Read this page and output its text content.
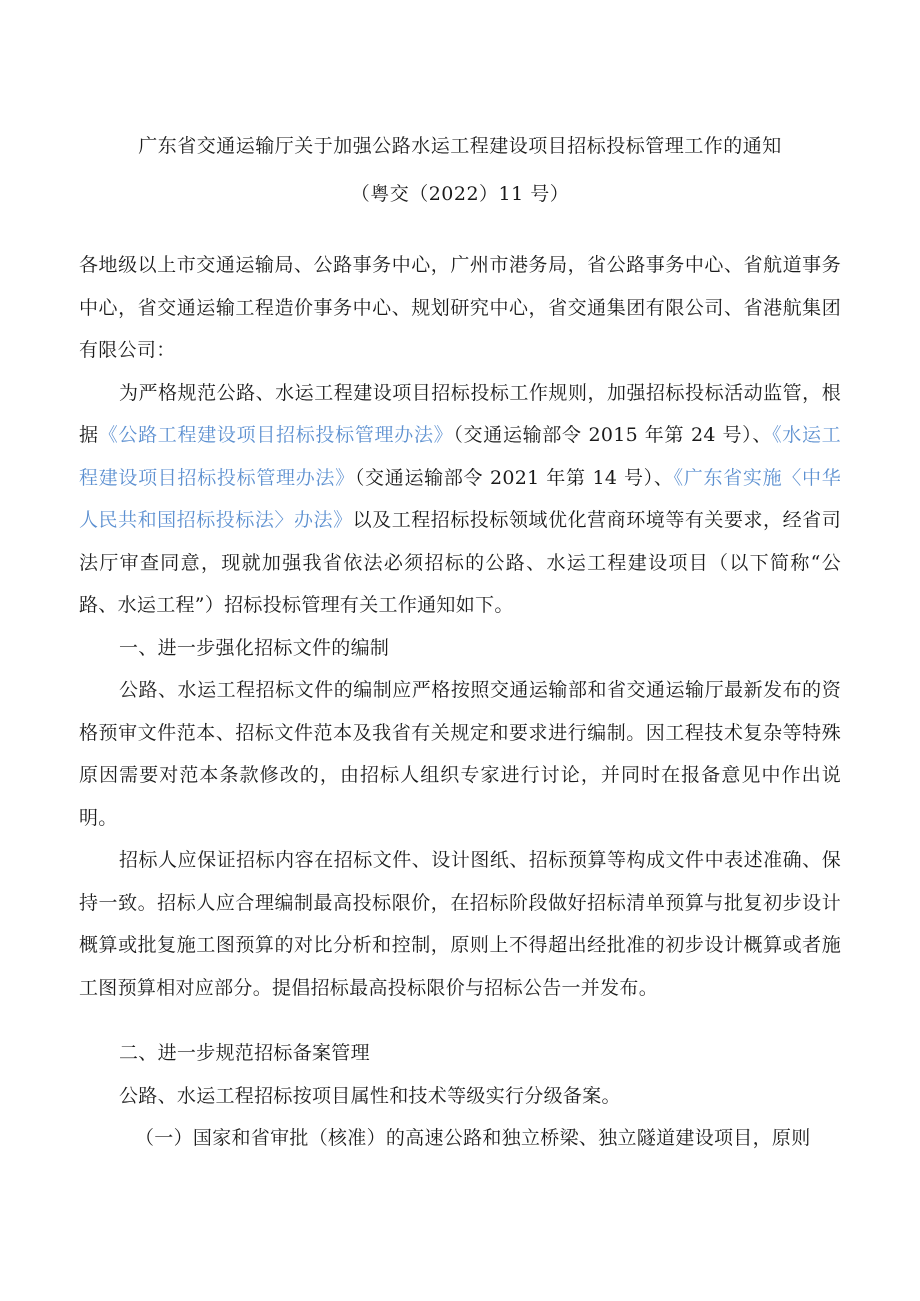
广东省交通运输厅关于加强公路水运工程建设项目招标投标管理工作的通知
（粤交（2022）11 号）

各地级以上市交通运输局、公路事务中心，广州市港务局，省公路事务中心、省航道事务中心，省交通运输工程造价事务中心、规划研究中心，省交通集团有限公司、省港航集团有限公司：

为严格规范公路、水运工程建设项目招标投标工作规则，加强招标投标活动监管，根据《公路工程建设项目招标投标管理办法》（交通运输部令 2015 年第 24 号）、《水运工程建设项目招标投标管理办法》（交通运输部令 2021 年第 14 号）、《广东省实施〈中华人民共和国招标投标法〉办法》以及工程招标投标领域优化营商环境等有关要求，经省司法厅审查同意，现就加强我省依法必须招标的公路、水运工程建设项目（以下简称“公路、水运工程”）招标投标管理有关工作通知如下。

一、进一步强化招标文件的编制

公路、水运工程招标文件的编制应严格按照交通运输部和省交通运输厅最新发布的资格预审文件范本、招标文件范本及我省有关规定和要求进行编制。因工程技术复杂等特殊原因需要对范本条款修改的，由招标人组织专家进行讨论，并同时在报备意见中作出说明。

招标人应保证招标内容在招标文件、设计图纸、招标预算等构成文件中表述准确、保持一致。招标人应合理编制最高投标限价，在招标阶段做好招标清单预算与批复初步设计概算或批复施工图预算的对比分析和控制，原则上不得超出经批准的初步设计概算或者施工图预算相对应部分。提倡招标最高投标限价与招标公告一并发布。

二、进一步规范招标备案管理

公路、水运工程招标按项目属性和技术等级实行分级备案。

（一）国家和省审批（核准）的高速公路和独立桥梁、独立隧道建设项目，原则
